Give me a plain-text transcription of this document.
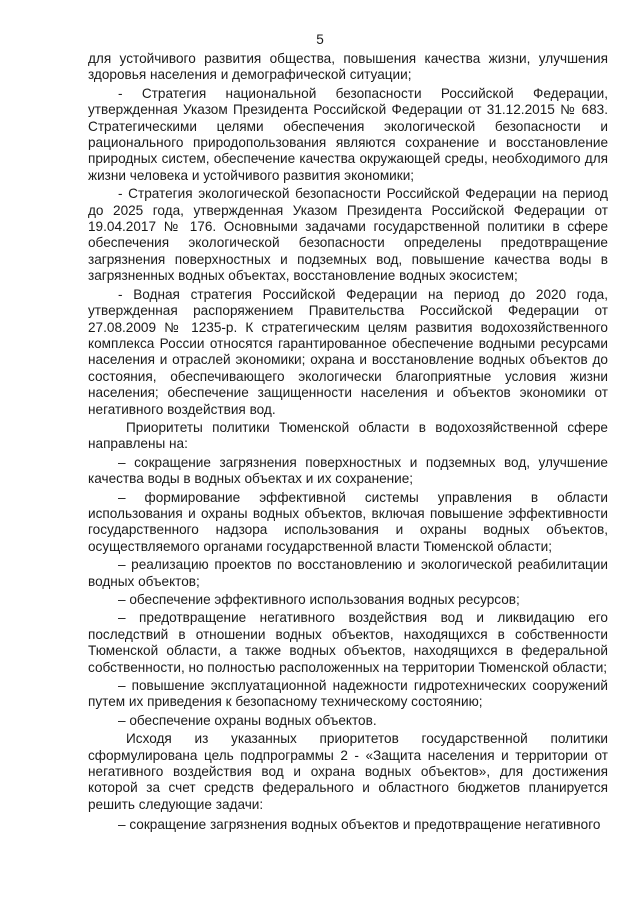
5

для устойчивого развития общества, повышения качества жизни, улучшения здоровья населения и демографической ситуации;

- Стратегия национальной безопасности Российской Федерации, утвержденная Указом Президента Российской Федерации от 31.12.2015 № 683. Стратегическими целями обеспечения экологической безопасности и рационального природопользования являются сохранение и восстановление природных систем, обеспечение качества окружающей среды, необходимого для жизни человека и устойчивого развития экономики;

- Стратегия экологической безопасности Российской Федерации на период до 2025 года, утвержденная Указом Президента Российской Федерации от 19.04.2017 № 176. Основными задачами государственной политики в сфере обеспечения экологической безопасности определены предотвращение загрязнения поверхностных и подземных вод, повышение качества воды в загрязненных водных объектах, восстановление водных экосистем;

- Водная стратегия Российской Федерации на период до 2020 года, утвержденная распоряжением Правительства Российской Федерации от 27.08.2009 № 1235-р. К стратегическим целям развития водохозяйственного комплекса России относятся гарантированное обеспечение водными ресурсами населения и отраслей экономики; охрана и восстановление водных объектов до состояния, обеспечивающего экологически благоприятные условия жизни населения; обеспечение защищенности населения и объектов экономики от негативного воздействия вод.

Приоритеты политики Тюменской области в водохозяйственной сфере направлены на:

– сокращение загрязнения поверхностных и подземных вод, улучшение качества воды в водных объектах и их сохранение;

– формирование эффективной системы управления в области использования и охраны водных объектов, включая повышение эффективности государственного надзора использования и охраны водных объектов, осуществляемого органами государственной власти Тюменской области;

– реализацию проектов по восстановлению и экологической реабилитации водных объектов;

– обеспечение эффективного использования водных ресурсов;

– предотвращение негативного воздействия вод и ликвидацию его последствий в отношении водных объектов, находящихся в собственности Тюменской области, а также водных объектов, находящихся в федеральной собственности, но полностью расположенных на территории Тюменской области;

– повышение эксплуатационной надежности гидротехнических сооружений путем их приведения к безопасному техническому состоянию;

– обеспечение охраны водных объектов.

Исходя из указанных приоритетов государственной политики сформулирована цель подпрограммы 2 - «Защита населения и территории от негативного воздействия вод и охрана водных объектов», для достижения которой за счет средств федерального и областного бюджетов планируется решить следующие задачи:

– сокращение загрязнения водных объектов и предотвращение негативного
